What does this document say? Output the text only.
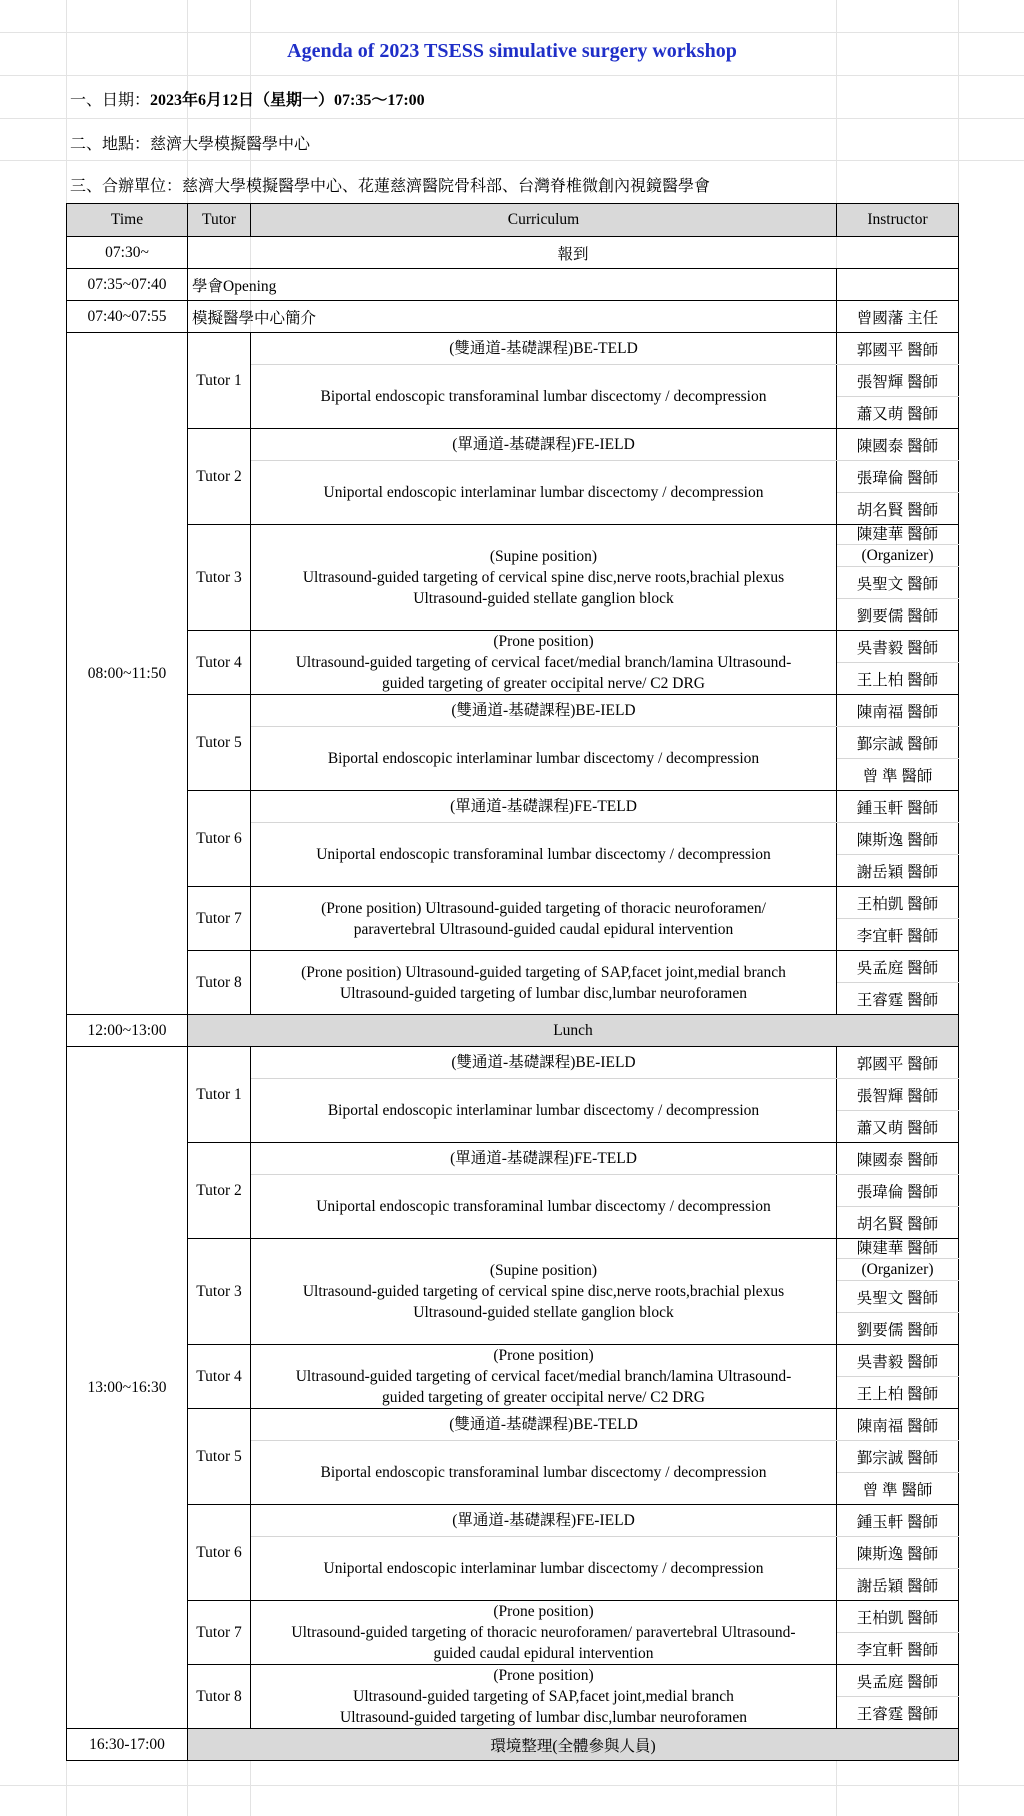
Agenda of 2023 TSESS simulative surgery workshop
一、日期：2023年6月12日（星期一）07:35～17:00
二、地點：慈濟大學模擬醫學中心
三、合辦單位：慈濟大學模擬醫學中心、花蓮慈濟醫院骨科部、台灣脊椎微創內視鏡醫學會
Time	Tutor	Curriculum	Instructor
07:30~	報到		
07:35~07:40	學會Opening		
07:40~07:55	模擬醫學中心簡介		曾國藩 主任
08:00~11:50	Tutor 1	(雙通道-基礎課程)BE-TELD	郭國平 醫師
		Biportal endoscopic transforaminal lumbar discectomy / decompression	張智輝 醫師
			蕭又萌 醫師
	Tutor 2	(單通道-基礎課程)FE-IELD	陳國泰 醫師
		Uniportal endoscopic interlaminar lumbar discectomy / decompression	張瑋倫 醫師
			胡名賢 醫師
	Tutor 3	(Supine position)
Ultrasound-guided targeting of cervical spine disc,nerve roots,brachial plexus
Ultrasound-guided stellate ganglion block	陳建華 醫師
			(Organizer)
			吳聖文 醫師
			劉要儒 醫師
	Tutor 4	(Prone position)
Ultrasound-guided targeting of cervical facet/medial branch/lamina Ultrasound-
guided targeting of greater occipital nerve/ C2 DRG	吳書毅 醫師
			王上柏 醫師
	Tutor 5	(雙通道-基礎課程)BE-IELD	陳南福 醫師
		Biportal endoscopic interlaminar lumbar discectomy / decompression	鄞宗誠 醫師
			曾 準 醫師
	Tutor 6	(單通道-基礎課程)FE-TELD	鍾玉軒 醫師
		Uniportal endoscopic transforaminal lumbar discectomy / decompression	陳斯逸 醫師
			謝岳穎 醫師
	Tutor 7	(Prone position) Ultrasound-guided targeting of thoracic neuroforamen/
paravertebral Ultrasound-guided caudal epidural intervention	王柏凱 醫師
			李宜軒 醫師
	Tutor 8	(Prone position) Ultrasound-guided targeting of SAP,facet joint,medial branch
Ultrasound-guided targeting of lumbar disc,lumbar neuroforamen	吳孟庭 醫師
			王睿霆 醫師
12:00~13:00	Lunch		
13:00~16:30	Tutor 1	(雙通道-基礎課程)BE-IELD	郭國平 醫師
		Biportal endoscopic interlaminar lumbar discectomy / decompression	張智輝 醫師
			蕭又萌 醫師
	Tutor 2	(單通道-基礎課程)FE-TELD	陳國泰 醫師
		Uniportal endoscopic transforaminal lumbar discectomy / decompression	張瑋倫 醫師
			胡名賢 醫師
	Tutor 3	(Supine position)
Ultrasound-guided targeting of cervical spine disc,nerve roots,brachial plexus
Ultrasound-guided stellate ganglion block	陳建華 醫師
			(Organizer)
			吳聖文 醫師
			劉要儒 醫師
	Tutor 4	(Prone position)
Ultrasound-guided targeting of cervical facet/medial branch/lamina Ultrasound-
guided targeting of greater occipital nerve/ C2 DRG	吳書毅 醫師
			王上柏 醫師
	Tutor 5	(雙通道-基礎課程)BE-TELD	陳南福 醫師
		Biportal endoscopic transforaminal lumbar discectomy / decompression	鄞宗誠 醫師
			曾 準 醫師
	Tutor 6	(單通道-基礎課程)FE-IELD	鍾玉軒 醫師
		Uniportal endoscopic interlaminar lumbar discectomy / decompression	陳斯逸 醫師
			謝岳穎 醫師
	Tutor 7	(Prone position)
Ultrasound-guided targeting of thoracic neuroforamen/ paravertebral Ultrasound-
guided caudal epidural intervention	王柏凱 醫師
			李宜軒 醫師
	Tutor 8	(Prone position)
Ultrasound-guided targeting of SAP,facet joint,medial branch
Ultrasound-guided targeting of lumbar disc,lumbar neuroforamen	吳孟庭 醫師
			王睿霆 醫師
16:30-17:00	環境整理(全體參與人員)		
